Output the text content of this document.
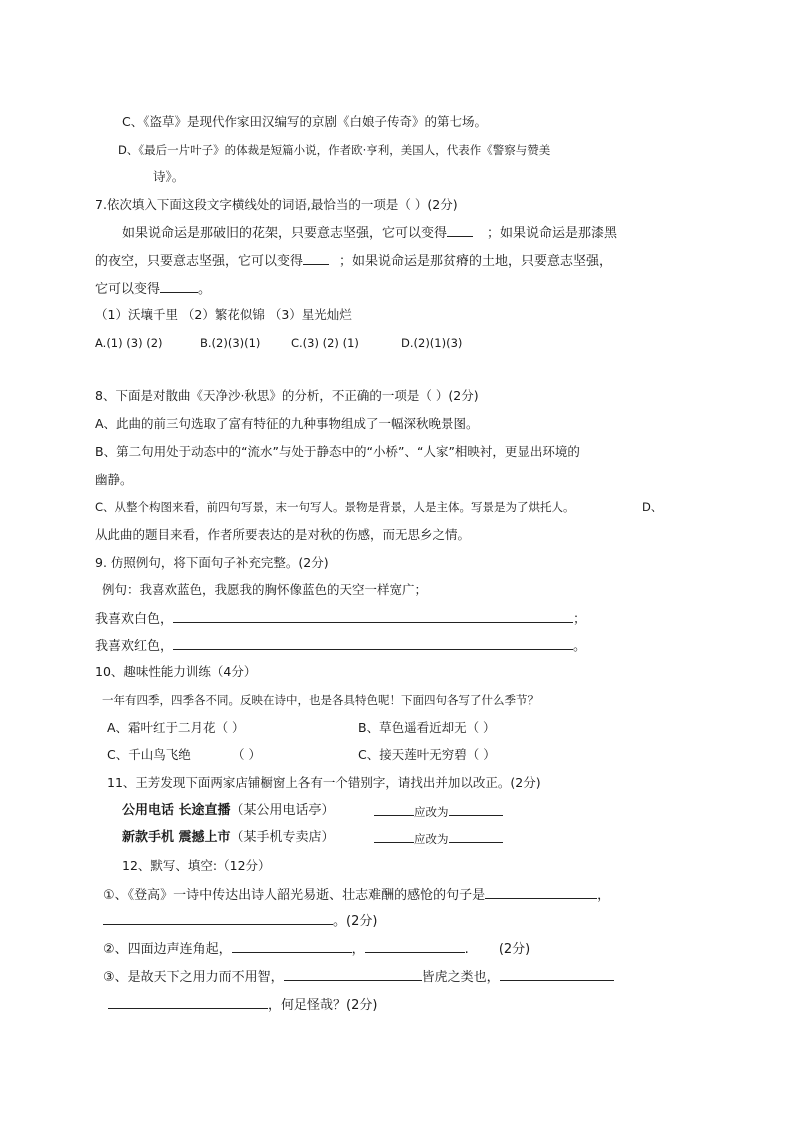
C、《盗草》是现代作家田汉编写的京剧《白娘子传奇》的第七场。
D、《最后一片叶子》的体裁是短篇小说，作者欧·亨利，美国人，代表作《警察与赞美
诗》。
7.依次填入下面这段文字横线处的词语,最恰当的一项是（ ）(2分)
如果说命运是那破旧的花架，只要意志坚强，它可以变得	；如果说命运是那漆黑
的夜空，只要意志坚强，它可以变得	；如果说命运是那贫瘠的土地，只要意志坚强，
它可以变得	。
（1）沃壤千里 （2）繁花似锦 （3）星光灿烂
A.(1) (3) (2)	B.(2)(3)(1)	C.(3) (2) (1)	D.(2)(1)(3)
8、下面是对散曲《天净沙·秋思》的分析，不正确的一项是（ ）(2分)
A、此曲的前三句选取了富有特征的九种事物组成了一幅深秋晚景图。
B、第二句用处于动态中的“流水”与处于静态中的“小桥”、“人家”相映衬，更显出环境的
幽静。
C、从整个构图来看，前四句写景，末一句写人。景物是背景，人是主体。写景是为了烘托人。	D、
从此曲的题目来看，作者所要表达的是对秋的伤感，而无思乡之情。
9. 仿照例句，将下面句子补充完整。(2分)
例句：我喜欢蓝色，我愿我的胸怀像蓝色的天空一样宽广；
我喜欢白色，	；
我喜欢红色，	。
10、趣味性能力训练（4分）
一年有四季，四季各不同。反映在诗中，也是各具特色呢！下面四句各写了什么季节？
A、霜叶红于二月花（ ）	B、草色遥看近却无（ ）
C、千山鸟飞绝	（ ）	C、接天莲叶无穷碧（ ）
11、王芳发现下面两家店铺橱窗上各有一个错别字，请找出并加以改正。(2分)
公用电话 长途直播（某公用电话亭）	应改为
新款手机 震撼上市（某手机专卖店）	应改为
12、默写、填空:（12分）
①、《登高》一诗中传达出诗人韶光易逝、壮志难酬的感怆的句子是	，
。(2分)
②、四面边声连角起，	，	. (2分)
③、是故天下之用力而不用智，	皆虎之类也，
，何足怪哉？(2分)
